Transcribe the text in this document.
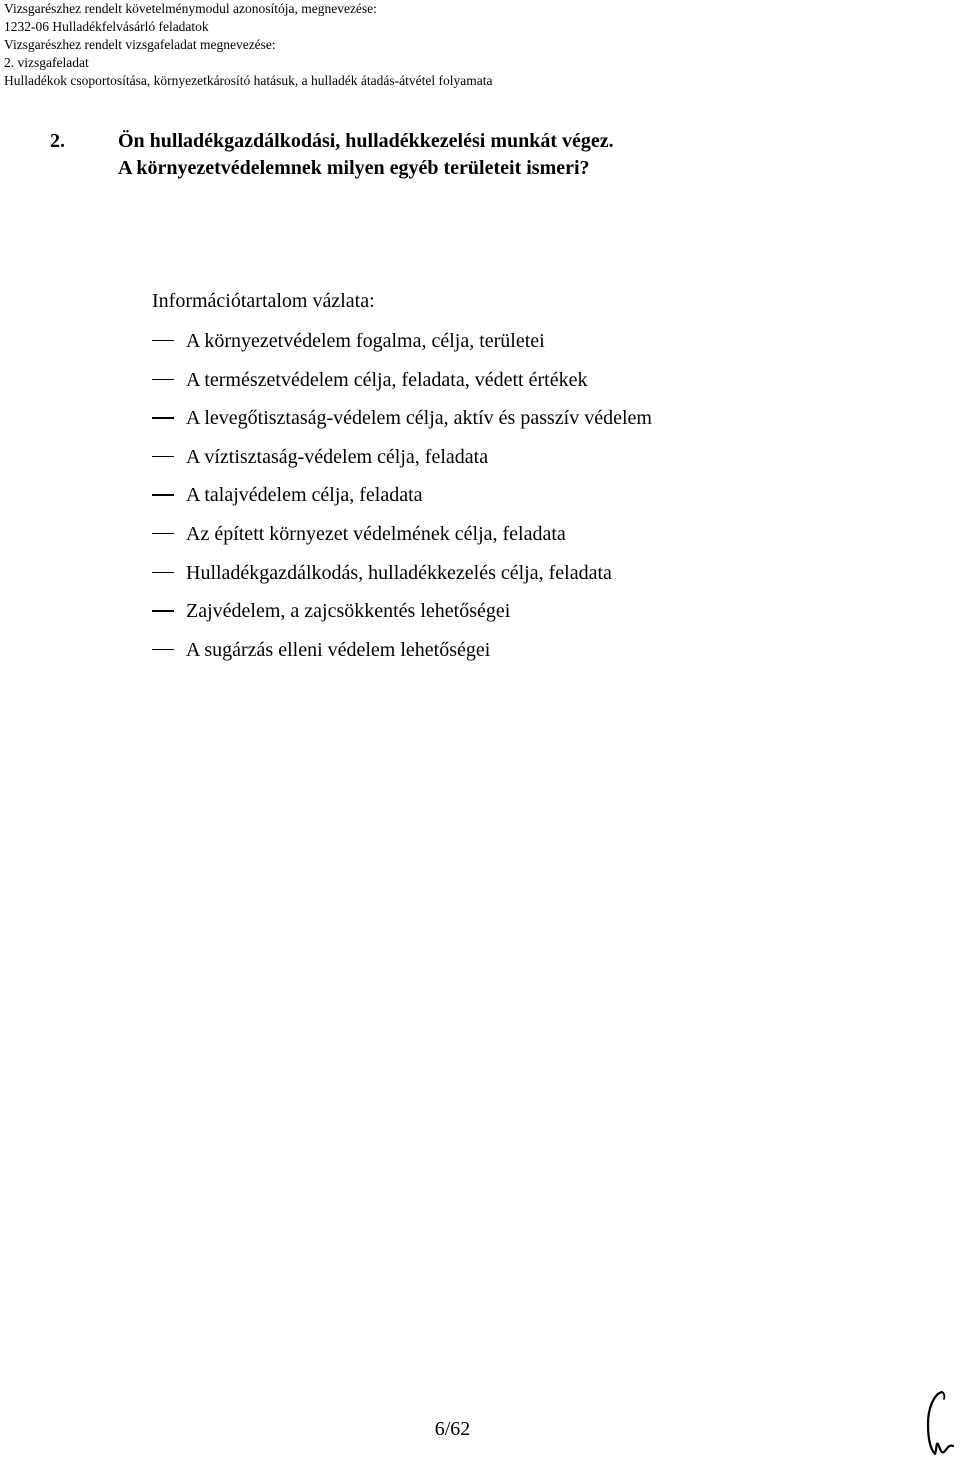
Vizsgarészhez rendelt követelménymodul azonosítója, megnevezése:
1232-06 Hulladékfelvásárló feladatok
Vizsgarészhez rendelt vizsgafeladat megnevezése:
2. vizsgafeladat
Hulladékok csoportosítása, környezetkárosító hatásuk, a hulladék átadás-átvétel folyamata
2.	Ön hulladékgazdálkodási, hulladékkezelési munkát végez.
A környezetvédelemnek milyen egyéb területeit ismeri?
Információtartalom vázlata:
A környezetvédelem fogalma, célja, területei
A természetvédelem célja, feladata, védett értékek
A levegőtisztaság-védelem célja, aktív és passzív védelem
A víztisztaság-védelem célja, feladata
A talajvédelem célja, feladata
Az épített környezet védelmének célja, feladata
Hulladékgazdálkodás, hulladékkezelés célja, feladata
Zajvédelem, a zajcsökkentés lehetőségei
A sugárzás elleni védelem lehetőségei
6/62
